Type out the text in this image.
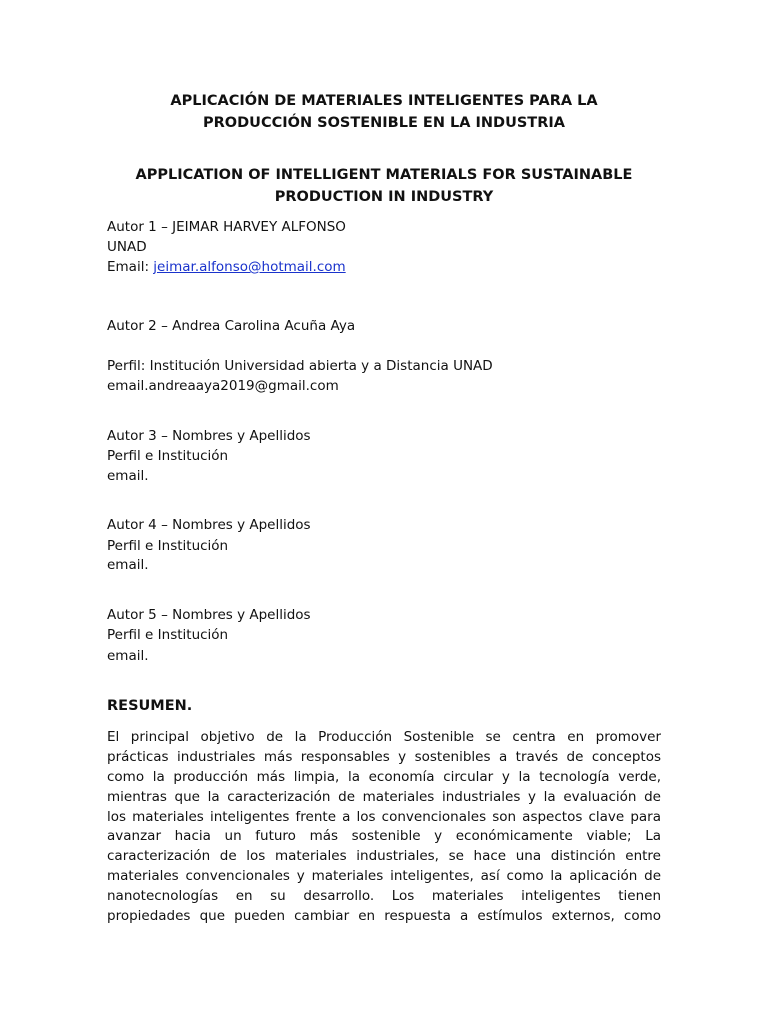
APLICACIÓN DE MATERIALES INTELIGENTES PARA LA
PRODUCCIÓN SOSTENIBLE EN LA INDUSTRIA
APPLICATION OF INTELLIGENT MATERIALS FOR SUSTAINABLE
PRODUCTION IN INDUSTRY
Autor 1 – JEIMAR HARVEY ALFONSO
UNAD
Email: jeimar.alfonso@hotmail.com
Autor 2 – Andrea Carolina Acuña Aya
Perfil: Institución Universidad abierta y a Distancia UNAD
email.andreaaya2019@gmail.com
Autor 3 – Nombres y Apellidos
Perfil e Institución
email.
Autor 4 – Nombres y Apellidos
Perfil e Institución
email.
Autor 5 – Nombres y Apellidos
Perfil e Institución
email.
RESUMEN.
El principal objetivo de la Producción Sostenible se centra en promover
prácticas industriales más responsables y sostenibles a través de conceptos
como la producción más limpia, la economía circular y la tecnología verde,
mientras que la caracterización de materiales industriales y la evaluación de
los materiales inteligentes frente a los convencionales son aspectos clave para
avanzar hacia un futuro más sostenible y económicamente viable; La
caracterización de los materiales industriales, se hace una distinción entre
materiales convencionales y materiales inteligentes, así como la aplicación de
nanotecnologías en su desarrollo. Los materiales inteligentes tienen
propiedades que pueden cambiar en respuesta a estímulos externos, como
